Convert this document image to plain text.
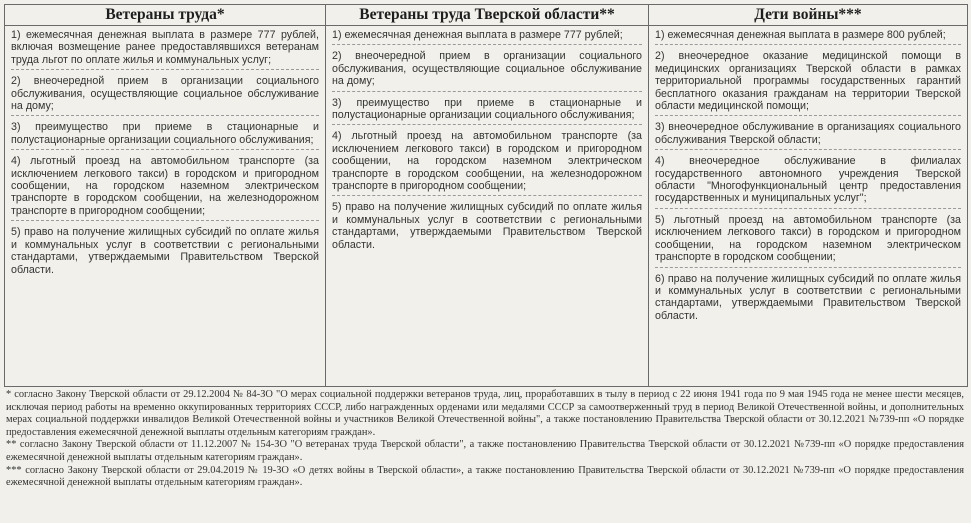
Ветераны труда*

1) ежемесячная денежная выплата в размере 777 рублей, включая возмещение ранее предоставлявшихся ветеранам труда льгот по оплате жилья и коммунальных услуг;

2) внеочередной прием в организации социального обслуживания, осуществляющие социальное обслуживание на дому;

3) преимущество при приеме в стационарные и полустационарные организации социального обслуживания;

4) льготный проезд на автомобильном транспорте (за исключением легкового такси) в городском и пригородном сообщении, на городском наземном электрическом транспорте в городском сообщении, на железнодорожном транспорте в пригородном сообщении;

5) право на получение жилищных субсидий по оплате жилья и коммунальных услуг в соответствии с региональными стандартами, утверждаемыми Правительством Тверской области.

Ветераны труда Тверской области**

1) ежемесячная денежная выплата в размере 777 рублей;

2) внеочередной прием в организации социального обслуживания, осуществляющие социальное обслуживание на дому;

3) преимущество при приеме в стационарные и полустационарные организации социального обслуживания;

4) льготный проезд на автомобильном транспорте (за исключением легкового такси) в городском и пригородном сообщении, на городском наземном электрическом транспорте в городском сообщении, на железнодорожном транспорте в пригородном сообщении;

5) право на получение жилищных субсидий по оплате жилья и коммунальных услуг в соответствии с региональными стандартами, утверждаемыми Правительством Тверской области.

Дети войны***

1) ежемесячная денежная выплата в размере 800 рублей;

2) внеочередное оказание медицинской помощи в медицинских организациях Тверской области в рамках территориальной программы государственных гарантий бесплатного оказания гражданам на территории Тверской области медицинской помощи;

3) внеочередное обслуживание в организациях социального обслуживания Тверской области;

4) внеочередное обслуживание в филиалах государственного автономного учреждения Тверской области "Многофункциональный центр предоставления государственных и муниципальных услуг";

5) льготный проезд на автомобильном транспорте (за исключением легкового такси) в городском и пригородном сообщении, на городском наземном электрическом транспорте в городском сообщении;

6) право на получение жилищных субсидий по оплате жилья и коммунальных услуг в соответствии с региональными стандартами, утверждаемыми Правительством Тверской области.

* согласно Закону Тверской области от 29.12.2004 № 84-ЗО "О мерах социальной поддержки ветеранов труда, лиц, проработавших в тылу в период с 22 июня 1941 года по 9 мая 1945 года не менее шести месяцев, исключая период работы на временно оккупированных территориях СССР, либо награжденных орденами или медалями СССР за самоотверженный труд в период Великой Отечественной войны, и дополнительных мерах социальной поддержки инвалидов Великой Отечественной войны и участников Великой Отечественной войны", а также постановлению Правительства Тверской области от 30.12.2021 №739-пп «О порядке предоставления ежемесячной денежной выплаты отдельным категориям граждан».

** согласно Закону Тверской области от 11.12.2007 № 154-ЗО "О ветеранах труда Тверской области", а также постановлению Правительства Тверской области от 30.12.2021 №739-пп «О порядке предоставления ежемесячной денежной выплаты отдельным категориям граждан».

*** согласно Закону Тверской области от 29.04.2019 № 19-ЗО «О детях войны в Тверской области», а также постановлению Правительства Тверской области от 30.12.2021 №739-пп «О порядке предоставления ежемесячной денежной выплаты отдельным категориям граждан».
